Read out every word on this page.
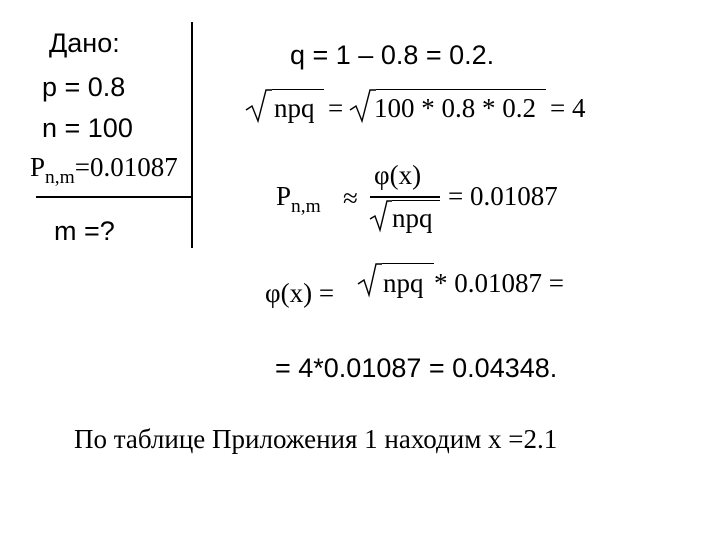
Дано:
p = 0.8
n = 100
$P_{n,m}=0.01087$
m =?
q = 1 – 0.8 = 0.2.
npq = 100 * 0.8 * 0.2 = 4
$P_{n,m}$ ≈
φ(x)
npq
= 0.01087
φ(x) = npq * 0.01087 =
= 4*0.01087 = 0.04348.
По таблице Приложения 1 находим x =2.1
